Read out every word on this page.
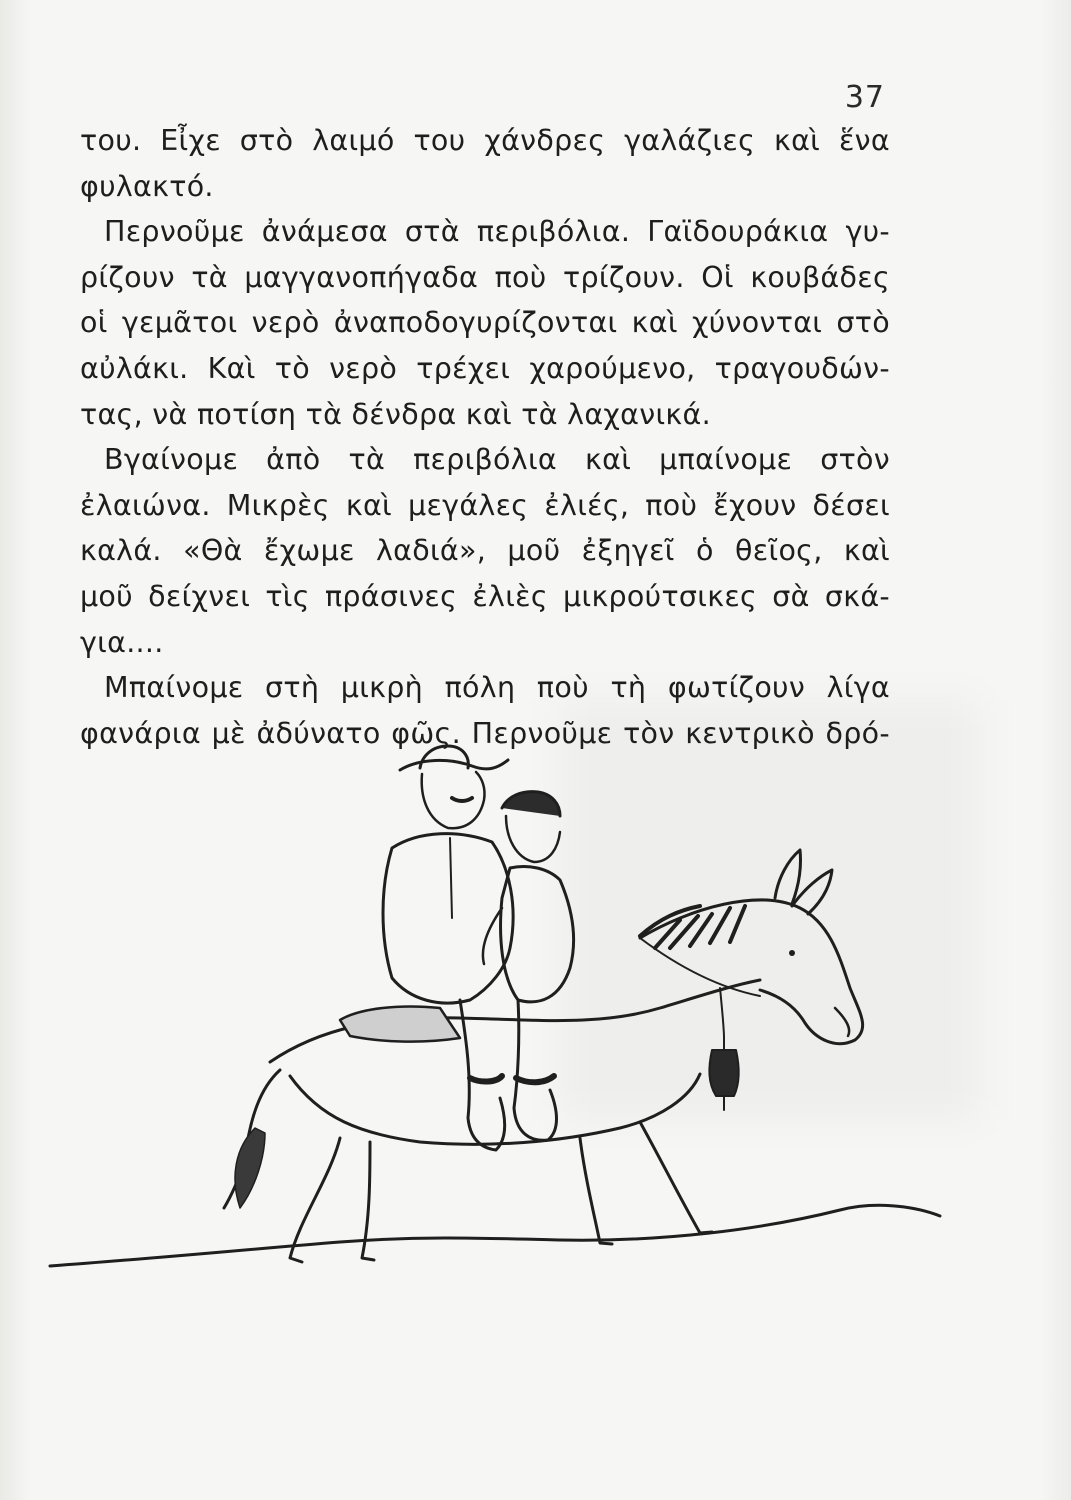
37
του. Εἶχε στὸ λαιμό του χάνδρες γαλάζιες καὶ ἕνα
φυλακτό.
Περνοῦμε ἀνάμεσα στὰ περιβόλια. Γαϊδουράκια γυ-
ρίζουν τὰ μαγγανοπήγαδα ποὺ τρίζουν. Οἱ κουβάδες
οἱ γεμᾶτοι νερὸ ἀναποδογυρίζονται καὶ χύνονται στὸ
αὐλάκι. Καὶ τὸ νερὸ τρέχει χαρούμενο, τραγουδών-
τας, νὰ ποτίση τὰ δένδρα καὶ τὰ λαχανικά.
Βγαίνομε ἀπὸ τὰ περιβόλια καὶ μπαίνομε στὸν
ἐλαιώνα. Μικρὲς καὶ μεγάλες ἐλιές, ποὺ ἔχουν δέσει
καλά. «Θὰ ἔχωμε λαδιά», μοῦ ἐξηγεῖ ὁ θεῖος, καὶ
μοῦ δείχνει τὶς πράσινες ἐλιὲς μικρούτσικες σὰ σκά-
για....
Μπαίνομε στὴ μικρὴ πόλη ποὺ τὴ φωτίζουν λίγα
φανάρια μὲ ἀδύνατο φῶς. Περνοῦμε τὸν κεντρικὸ δρό-
